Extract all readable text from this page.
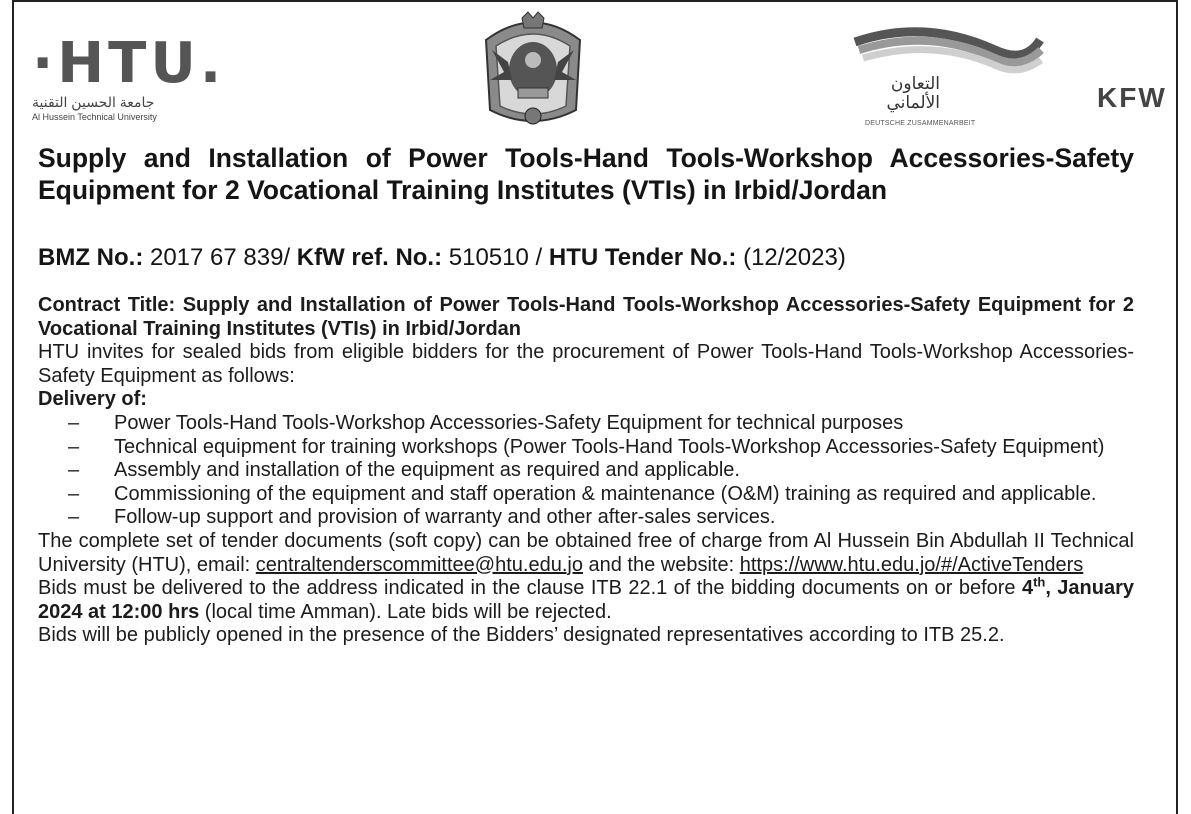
·HTU.
جامعة الحسين التقنية
Al Hussein Technical University
التعاون
الألماني
DEUTSCHE ZUSAMMENARBEIT
KFW
Supply and Installation of Power Tools-Hand Tools-Workshop Accessories-Safety Equipment for 2 Vocational Training Institutes (VTIs) in Irbid/Jordan
BMZ No.: 2017 67 839/ KfW ref. No.: 510510 / HTU Tender No.: (12/2023)

Contract Title: Supply and Installation of Power Tools-Hand Tools-Workshop Accessories-Safety Equipment for 2 Vocational Training Institutes (VTIs) in Irbid/Jordan

HTU invites for sealed bids from eligible bidders for the procurement of Power Tools-Hand Tools-Workshop Accessories-Safety Equipment as follows:

Delivery of:

– Power Tools-Hand Tools-Workshop Accessories-Safety Equipment for technical purposes
– Technical equipment for training workshops (Power Tools-Hand Tools-Workshop Accessories-Safety Equipment)
– Assembly and installation of the equipment as required and applicable.
– Commissioning of the equipment and staff operation & maintenance (O&M) training as required and applicable.
– Follow-up support and provision of warranty and other after-sales services.

The complete set of tender documents (soft copy) can be obtained free of charge from Al Hussein Bin Abdullah II Technical University (HTU), email: centraltenderscommittee@htu.edu.jo and the website: https://www.htu.edu.jo/#/ActiveTenders

Bids must be delivered to the address indicated in the clause ITB 22.1 of the bidding documents on or before 4th, January 2024 at 12:00 hrs (local time Amman). Late bids will be rejected.

Bids will be publicly opened in the presence of the Bidders’ designated representatives according to ITB 25.2.
